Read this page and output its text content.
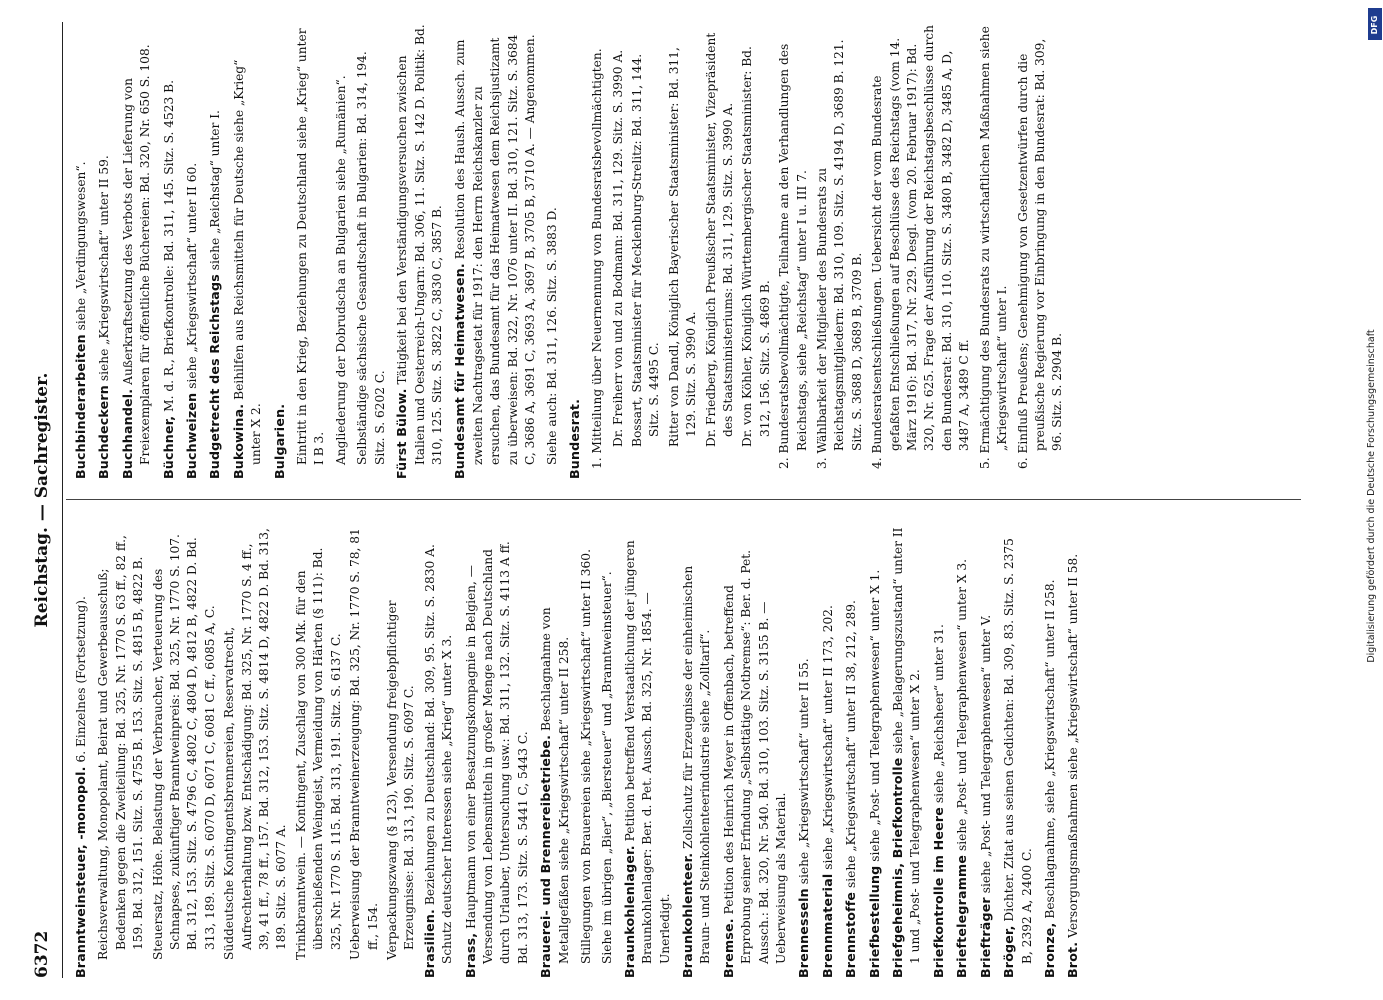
DFG
Digitalisierung gefördert durch die Deutsche Forschungsgemeinschaft
6372
Reichstag. — Sachregister.
Branntweinsteuer, -monopol. 6. Einzelnes (Fortsetzung). Reichsverwaltung, Monopolamt, Beirat und Gewerbeausschuß; Bedenken gegen die Zweiteilung: Bd. 325, Nr. 1770 S. 63 ff., 82 ff., 159. Bd. 312, 151. Sitz. S. 4755 B. 153. Sitz. S. 4815 B, 4822 B. Steuersatz, Höhe. Belastung der Verbraucher, Verteuerung des Schnapses, zukünftiger Branntweinpreis: Bd. 325, Nr. 1770 S. 107. Bd. 312, 153. Sitz. S. 4796 C, 4802 C, 4804 D, 4812 B, 4822 D. Bd. 313, 189. Sitz. S. 6070 D, 6071 C, 6081 C ff., 6085 A, C. Süddeutsche Kontingentsbrennereien, Reservatrecht, Aufrechterhaltung bzw. Entschädigung: Bd. 325, Nr. 1770 S. 4 ff., 39, 41 ff., 78 ff., 157. Bd. 312, 153. Sitz. S. 4814 D, 4822 D. Bd. 313, 189. Sitz. S. 6077 A. Trinkbranntwein. — Kontingent, Zuschlag von 300 Mk. für den überschießenden Weingeist, Vermeidung von Härten (§ 111): Bd. 325, Nr. 1770 S. 115. Bd. 313, 191. Sitz. S. 6137 C. Ueberweisung der Branntweinerzeugung: Bd. 325, Nr. 1770 S. 78, 81 ff., 154. Verpackungszwang (§ 123), Versendung freigebpflichtiger Erzeugnisse: Bd. 313, 190. Sitz. S. 6097 C. Brasilien. Beziehungen zu Deutschland: Bd. 309, 95. Sitz. S. 2830 A. Schutz deutscher Interessen siehe „Krieg“ unter X 3. Brass, Hauptmann von einer Besatzungskompagnie in Belgien, — Versendung von Lebensmitteln in großer Menge nach Deutschland durch Urlauber, Untersuchung usw.: Bd. 311, 132. Sitz. S. 4113 A ff. Bd. 313, 173. Sitz. S. 5441 C, 5443 C. Brauerei- und Brennereibetriebe. Beschlagnahme von Metallgefäßen siehe „Kriegswirtschaft“ unter II 258. Stillegungen von Brauereien siehe „Kriegswirtschaft“ unter II 360. Siehe im übrigen „Bier“, „Biersteuer“ und „Branntweinsteuer“. Braunkohlenlager. Petition betreffend Verstaatlichung der jüngeren Braunkohlenlager: Ber. d. Pet. Aussch. Bd. 325, Nr. 1854. — Unerledigt. Braunkohlenteer. Zollschutz für Erzeugnisse der einheimischen Braun- und Steinkohlenteerindustrie siehe „Zolltarif“. Bremse. Petition des Heinrich Meyer in Offenbach, betreffend Erprobung seiner Erfindung „Selbsttätige Notbremse“: Ber. d. Pet. Aussch.: Bd. 320, Nr. 540. Bd. 310, 103. Sitz. S. 3155 B. — Ueberweisung als Material. Brennesseln siehe „Kriegswirtschaft“ unter II 55.
Brennmaterial siehe „Kriegswirtschaft“ unter II 173, 202.
Brennstoffe siehe „Kriegswirtschaft“ unter II 38, 212, 289.
Briefbestellung siehe „Post- und Telegraphenwesen“ unter X 1.
Briefgeheimnis, Briefkontrolle siehe „Belagerungszustand“ unter II 1 und „Post- und Telegraphenwesen“ unter X 2. Briefkontrolle im Heere siehe „Reichsheer“ unter 31.
Brieftelegramme siehe „Post- und Telegraphenwesen“ unter X 3.
Briefträger siehe „Post- und Telegraphenwesen“ unter V.
Bröger, Dichter. Zitat aus seinen Gedichten: Bd. 309, 83. Sitz. S. 2375 B, 2392 A, 2400 C. Bronze, Beschlagnahme, siehe „Kriegswirtschaft“ unter II 258.
Brot. Versorgungsmaßnahmen siehe „Kriegswirtschaft“ unter II 58.
Buchbinderarbeiten siehe „Verdingungswesen“.
Buchdeckern siehe „Kriegswirtschaft“ unter II 59.
Buchhandel. Außerkraftsetzung des Verbots der Lieferung von Freiexemplaren für öffentliche Büchereien: Bd. 320, Nr. 650 S. 108. Büchner, M. d. R., Briefkontrolle: Bd. 311, 145. Sitz. S. 4523 B.
Buchweizen siehe „Kriegswirtschaft“ unter II 60. Budgetrecht des Reichstags siehe „Reichstag“ unter I.
Bukowina. Beihilfen aus Reichsmitteln für Deutsche siehe „Krieg“ unter X 2. Bulgarien. Eintritt in den Krieg, Beziehungen zu Deutschland siehe „Krieg“ unter I B 3. Angliederung der Dobrudscha an Bulgarien siehe „Rumänien“. Selbständige sächsische Gesandtschaft in Bulgarien: Bd. 314, 194. Sitz. S. 6202 C. Fürst Bülow. Tätigkeit bei den Verständigungsversuchen zwischen Italien und Oesterreich-Ungarn: Bd. 306, 11. Sitz. S. 142 D. Politik: Bd. 310, 125. Sitz. S. 3822 C, 3830 C, 3857 B. Bundesamt für Heimatwesen. Resolution des Haush. Aussch. zum zweiten Nachtragsetat für 1917: den Herrn Reichskanzler zu ersuchen, das Bundesamt für das Heimatwesen dem Reichsjustizamt zu überweisen: Bd. 322, Nr. 1076 unter II. Bd. 310, 121. Sitz. S. 3684 C, 3686 A, 3691 C, 3693 A, 3697 B, 3705 B, 3710 A. — Angenommen. Siehe auch: Bd. 311, 126. Sitz. S. 3883 D. Bundesrat. 1. Mitteilung über Neuernennung von Bundesratsbevollmächtigten. Dr. Freiherr von und zu Bodmann: Bd. 311, 129. Sitz. S. 3990 A. Bossart, Staatsminister für Mecklenburg-Strelitz: Bd. 311, 144. Sitz. S. 4495 C. Ritter von Dandl, Königlich Bayerischer Staatsminister: Bd. 311, 129. Sitz. S. 3990 A. Dr. Friedberg, Königlich Preußischer Staatsminister, Vizepräsident des Staatsministeriums: Bd. 311, 129. Sitz. S. 3990 A. Dr. von Köhler, Königlich Württembergischer Staatsminister: Bd. 312, 156. Sitz. S. 4869 B. 2. Bundesratsbevollmächtigte, Teilnahme an den Verhandlungen des Reichstags, siehe „Reichstag“ unter I u. III 7. 3. Wählbarkeit der Mitglieder des Bundesrats zu Reichstagsmitgliedern: Bd. 310, 109. Sitz. S. 4194 D, 3689 B. 121. Sitz. S. 3688 D, 3689 B, 3709 B. 4. Bundesratsentschließungen. Uebersicht der vom Bundesrate gefaßten Entschließungen auf Beschlüsse des Reichstags (vom 14. März 1916): Bd. 317, Nr. 229. Desgl. (vom 20. Februar 1917): Bd. 320, Nr. 625. Frage der Ausführung der Reichstagsbeschlüsse durch den Bundesrat: Bd. 310, 110. Sitz. S. 3480 B, 3482 D, 3485 A, D, 3487 A, 3489 C ff. 5. Ermächtigung des Bundesrats zu wirtschaftlichen Maßnahmen siehe „Kriegswirtschaft“ unter I. 6. Einfluß Preußens; Genehmigung von Gesetzentwürfen durch die preußische Regierung vor Einbringung in den Bundesrat: Bd. 309, 96. Sitz. S. 2904 B.
